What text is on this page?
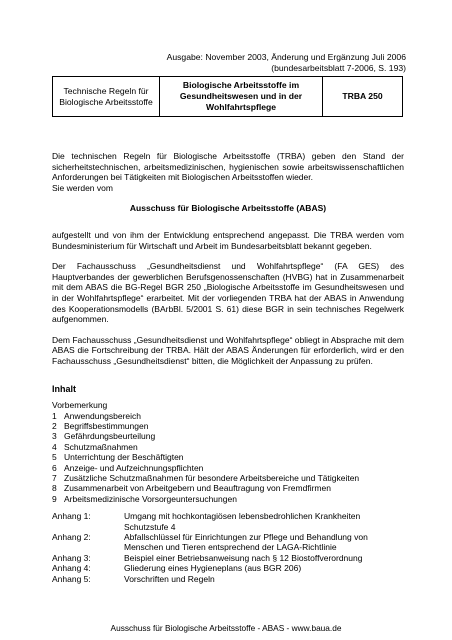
Ausgabe: November 2003, Änderung und Ergänzung Juli 2006
(bundesarbeitsblatt 7-2006, S. 193)
Technische Regeln für Biologische Arbeitsstoffe	Biologische Arbeitsstoffe im Gesundheitswesen und in der Wohlfahrtspflege	TRBA 250

Die technischen Regeln für Biologische Arbeitsstoffe (TRBA) geben den Stand der sicherheitstechnischen, arbeitsmedizinischen, hygienischen sowie arbeitswissenschaftlichen Anforderungen bei Tätigkeiten mit Biologischen Arbeitsstoffen wieder.

Sie werden vom

Ausschuss für Biologische Arbeitsstoffe (ABAS)

aufgestellt und von ihm der Entwicklung entsprechend angepasst. Die TRBA werden vom Bundesministerium für Wirtschaft und Arbeit im Bundesarbeitsblatt bekannt gegeben.

Der Fachausschuss „Gesundheitsdienst und Wohlfahrtspflege“ (FA GES) des Hauptverbandes der gewerblichen Berufsgenossenschaften (HVBG) hat in Zusammenarbeit mit dem ABAS die BG-Regel BGR 250 „Biologische Arbeitsstoffe im Gesundheitswesen und in der Wohlfahrtspflege“ erarbeitet. Mit der vorliegenden TRBA hat der ABAS in Anwendung des Kooperationsmodells (BArbBl. 5/2001 S. 61) diese BGR in sein technisches Regelwerk aufgenommen.

Dem Fachausschuss „Gesundheitsdienst und Wohlfahrtspflege“ obliegt in Absprache mit dem ABAS die Fortschreibung der TRBA. Hält der ABAS Änderungen für erforderlich, wird er den Fachausschuss „Gesundheitsdienst“ bitten, die Möglichkeit der Anpassung zu prüfen.

Inhalt
Vorbemerkung
1 Anwendungsbereich
2 Begriffsbestimmungen
3 Gefährdungsbeurteilung
4 Schutzmaßnahmen
5 Unterrichtung der Beschäftigten
6 Anzeige- und Aufzeichnungspflichten
7 Zusätzliche Schutzmaßnahmen für besondere Arbeitsbereiche und Tätigkeiten
8 Zusammenarbeit von Arbeitgebern und Beauftragung von Fremdfirmen
9 Arbeitsmedizinische Vorsorgeuntersuchungen
Anhang 1:	Umgang mit hochkontagiösen lebensbedrohlichen Krankheiten Schutzstufe 4
Anhang 2:	Abfallschlüssel für Einrichtungen zur Pflege und Behandlung von Menschen und Tieren entsprechend der LAGA-Richtlinie
Anhang 3:	Beispiel einer Betriebsanweisung nach § 12 Biostoffverordnung
Anhang 4:	Gliederung eines Hygieneplans (aus BGR 206)
Anhang 5:	Vorschriften und Regeln
Ausschuss für Biologische Arbeitsstoffe - ABAS - www.baua.de
